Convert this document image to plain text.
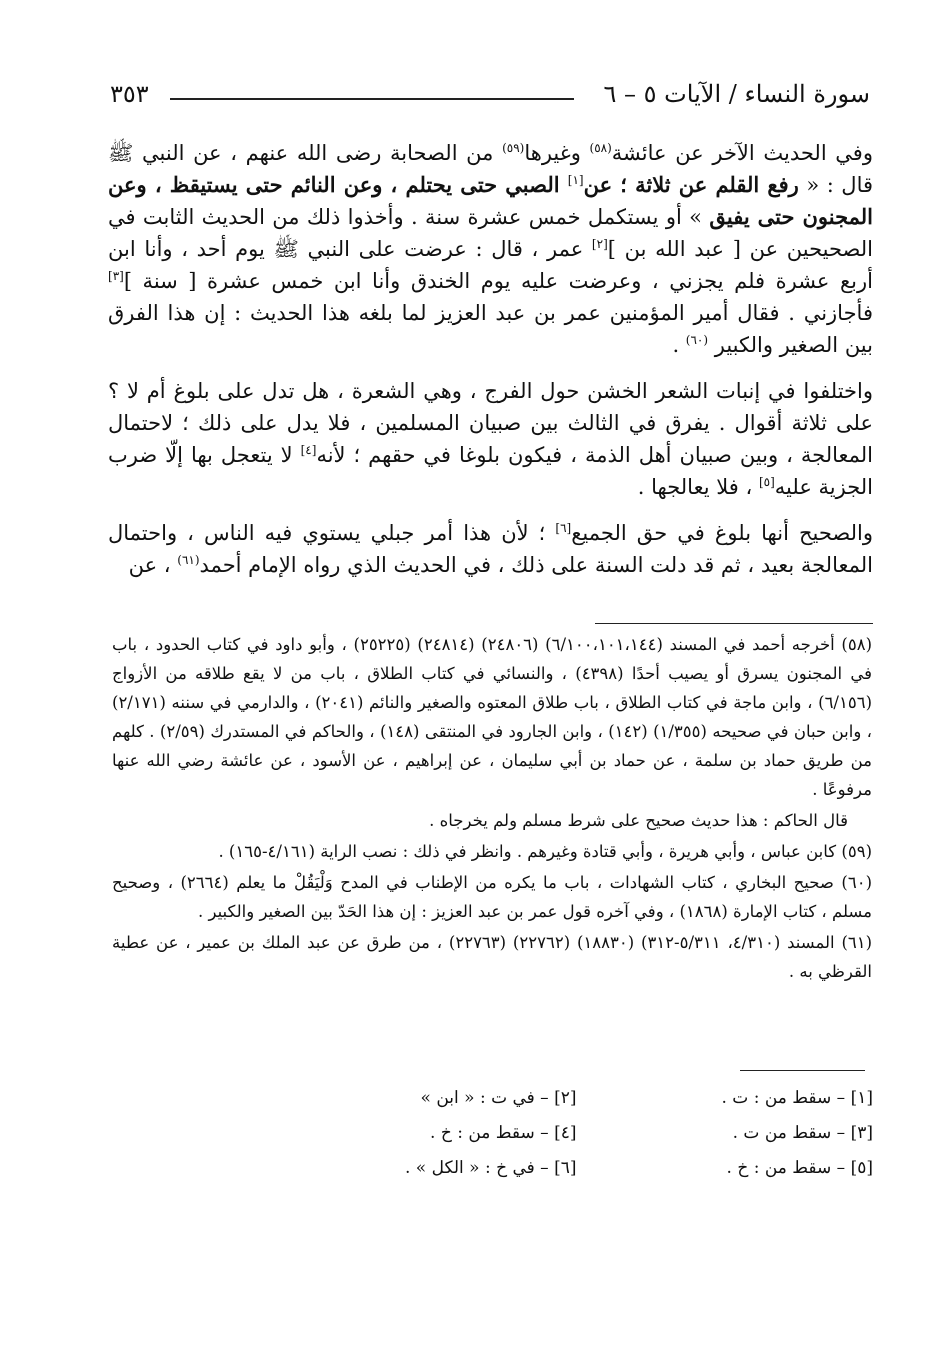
٣٥٣	سورة النساء / الآيات ٥ – ٦

وفي الحديث الآخر عن عائشة$^{(٥٨)}$ وغيرها$^{(٥٩)}$ من الصحابة رضى الله عنهم ، عن النبي ﷺ قال : « رفع القلم عن ثلاثة ؛ عن[١] الصبي حتى يحتلم ، وعن النائم حتى يستيقظ ، وعن المجنون حتى يفيق » أو يستكمل خمس عشرة سنة . وأخذوا ذلك من الحديث الثابت في الصحيحين عن [ عبد الله بن ][٢] عمر ، قال : عرضت على النبي ﷺ يوم أحد ، وأنا ابن أربع عشرة فلم يجزني ، وعرضت عليه يوم الخندق وأنا ابن خمس عشرة [ سنة ][٣] فأجازني . فقال أمير المؤمنين عمر بن عبد العزيز لما بلغه هذا الحديث : إن هذا الفرق بين الصغير والكبير $^{(٦٠)}$ .

واختلفوا في إنبات الشعر الخشن حول الفرج ، وهي الشعرة ، هل تدل على بلوغ أم لا ؟ على ثلاثة أقوال . يفرق في الثالث بين صبيان المسلمين ، فلا يدل على ذلك ؛ لاحتمال المعالجة ، وبين صبيان أهل الذمة ، فيكون بلوغا في حقهم ؛ لأنه[٤] لا يتعجل بها إلّا ضرب الجزية عليه[٥] ، فلا يعالجها .

والصحيح أنها بلوغ في حق الجميع[٦] ؛ لأن هذا أمر جبلي يستوي فيه الناس ، واحتمال المعالجة بعيد ، ثم قد دلت السنة على ذلك ، في الحديث الذي رواه الإمام أحمد$^{(٦١)}$ ، عن

(٥٨) أخرجه أحمد في المسند (٦/١٠٠،١٠١،١٤٤) (٢٤٨٠٦) (٢٤٨١٤) (٢٥٢٢٥) ، وأبو داود في كتاب الحدود ، باب في المجنون يسرق أو يصيب أحدًا (٤٣٩٨) ، والنسائي في كتاب الطلاق ، باب من لا يقع طلاقه من الأزواج (٦/١٥٦) ، وابن ماجة في كتاب الطلاق ، باب طلاق المعتوه والصغير والنائم (٢٠٤١) ، والدارمي في سننه (٢/١٧١) ، وابن حبان في صحيحه (١/٣٥٥) (١٤٢) ، وابن الجارود في المنتقى (١٤٨) ، والحاكم في المستدرك (٢/٥٩) . كلهم من طريق حماد بن سلمة ، عن حماد بن أبي سليمان ، عن إبراهيم ، عن الأسود ، عن عائشة رضي الله عنها مرفوعًا .

قال الحاكم : هذا حديث صحيح على شرط مسلم ولم يخرجاه .

(٥٩) كابن عباس ، وأبي هريرة ، وأبي قتادة وغيرهم . وانظر في ذلك : نصب الراية (٤/١٦١-١٦٥) .

(٦٠) صحيح البخاري ، كتاب الشهادات ، باب ما يكره من الإطناب في المدح وَلْيَقُلْ ما يعلم (٢٦٦٤) ، وصحيح مسلم ، كتاب الإمارة (١٨٦٨) ، وفي آخره قول عمر بن عبد العزيز : إن هذا الحَدّ بين الصغير والكبير .

(٦١) المسند (٤/٣١٠، ٥/٣١١-٣١٢) (١٨٨٣٠) (٢٢٧٦٢) (٢٢٧٦٣) ، من طرق عن عبد الملك بن عمير ، عن عطية القرظي به .

[١] – سقط من : ت .
[٢] – في ت : « ابن »
[٣] – سقط من ت .
[٤] – سقط من : خ .
[٥] – سقط من : خ .
[٦] – في خ : « الكل » .
